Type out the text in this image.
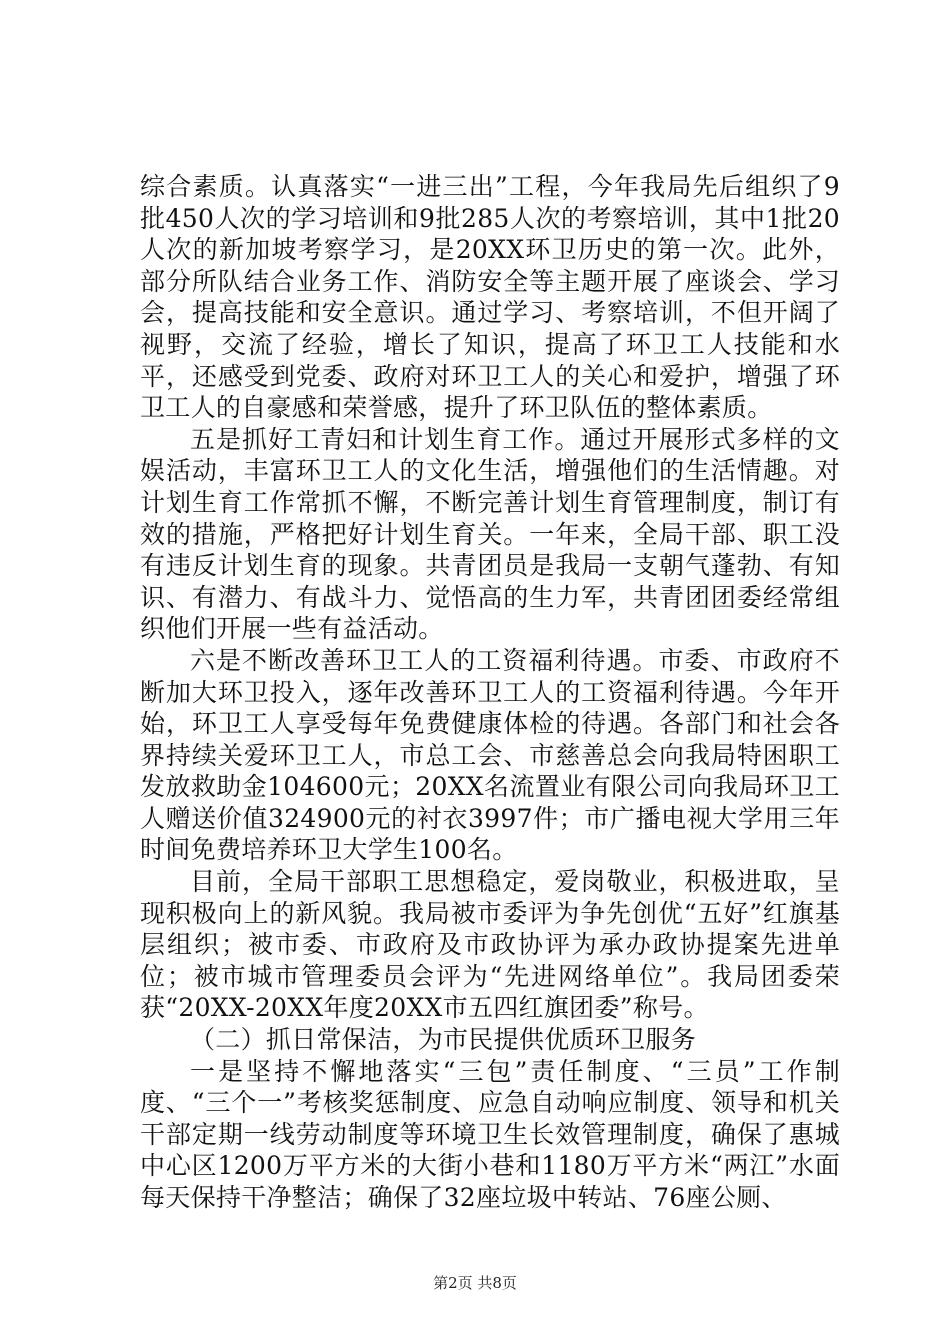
综合素质。认真落实“一进三出”工程，今年我局先后组织了9批450人次的学习培训和9批285人次的考察培训，其中1批20人次的新加坡考察学习，是20XX环卫历史的第一次。此外，部分所队结合业务工作、消防安全等主题开展了座谈会、学习会，提高技能和安全意识。通过学习、考察培训，不但开阔了视野，交流了经验，增长了知识，提高了环卫工人技能和水平，还感受到党委、政府对环卫工人的关心和爱护，增强了环卫工人的自豪感和荣誉感，提升了环卫队伍的整体素质。

五是抓好工青妇和计划生育工作。通过开展形式多样的文娱活动，丰富环卫工人的文化生活，增强他们的生活情趣。对计划生育工作常抓不懈，不断完善计划生育管理制度，制订有效的措施，严格把好计划生育关。一年来，全局干部、职工没有违反计划生育的现象。共青团员是我局一支朝气蓬勃、有知识、有潜力、有战斗力、觉悟高的生力军，共青团团委经常组织他们开展一些有益活动。

六是不断改善环卫工人的工资福利待遇。市委、市政府不断加大环卫投入，逐年改善环卫工人的工资福利待遇。今年开始，环卫工人享受每年免费健康体检的待遇。各部门和社会各界持续关爱环卫工人，市总工会、市慈善总会向我局特困职工发放救助金104600元；20XX名流置业有限公司向我局环卫工人赠送价值324900元的衬衣3997件；市广播电视大学用三年时间免费培养环卫大学生100名。

目前，全局干部职工思想稳定，爱岗敬业，积极进取，呈现积极向上的新风貌。我局被市委评为争先创优“五好”红旗基层组织；被市委、市政府及市政协评为承办政协提案先进单位；被市城市管理委员会评为“先进网络单位”。我局团委荣获“20XX-20XX年度20XX市五四红旗团委”称号。

（二）抓日常保洁，为市民提供优质环卫服务

一是坚持不懈地落实“三包”责任制度、“三员”工作制度、“三个一”考核奖惩制度、应急自动响应制度、领导和机关干部定期一线劳动制度等环境卫生长效管理制度，确保了惠城中心区1200万平方米的大街小巷和1180万平方米“两江”水面每天保持干净整洁；确保了32座垃圾中转站、76座公厕、

第2页 共8页
